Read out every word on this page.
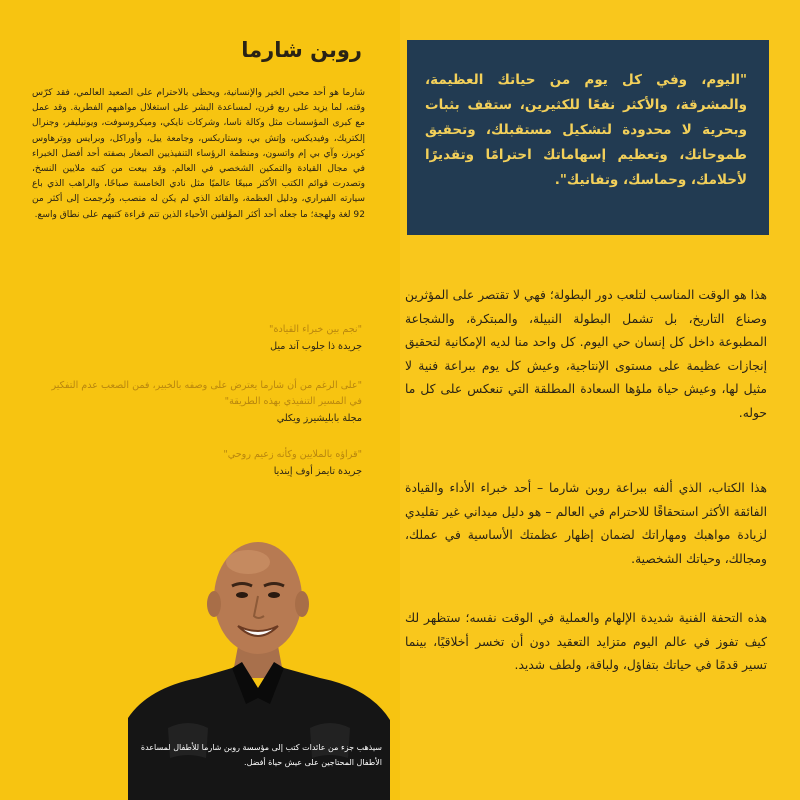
"اليوم، وفي كل يوم من حياتك العظيمة، والمشرقة، والأكثر نفعًا للكثيرين، ستقف بثبات وبحرية لا محدودة لتشكيل مستقبلك، وتحقيق طموحاتك، وتعظيم إسهاماتك احترامًا وتقديرًا لأحلامك، وحماسك، وتفانيك".

هذا هو الوقت المناسب لتلعب دور البطولة؛ فهي لا تقتصر على المؤثرين وصناع التاريخ، بل تشمل البطولة النبيلة، والمبتكرة، والشجاعة المطبوعة داخل كل إنسان حي اليوم. كل واحد منا لديه الإمكانية لتحقيق إنجازات عظيمة على مستوى الإنتاجية، وعيش كل يوم ببراعة فنية لا مثيل لها، وعيش حياة ملؤها السعادة المطلقة التي تنعكس على كل ما حوله.

هذا الكتاب، الذي ألفه ببراعة روبن شارما – أحد خبراء الأداء والقيادة الفائقة الأكثر استحقاقًا للاحترام في العالم – هو دليل ميداني غير تقليدي لزيادة مواهبك ومهاراتك لضمان إظهار عظمتك الأساسية في عملك، ومجالك، وحياتك الشخصية.

هذه التحفة الفنية شديدة الإلهام والعملية في الوقت نفسه؛ ستظهر لك كيف تفوز في عالم اليوم متزايد التعقيد دون أن تخسر أخلاقيًا، بينما تسير قدمًا في حياتك بتفاؤل، ولباقة، ولطف شديد.

روبن شارما

شارما هو أحد محبي الخير والإنسانية، ويحظى بالاحترام على الصعيد العالمي، فقد كرّس وقته، لما يزيد على ربع قرن، لمساعدة البشر على استغلال مواهبهم الفطرية. وقد عمل مع كبرى المؤسسات مثل وكالة ناسا، وشركات نايكي، وميكروسوفت، ويونيليفر، وجنرال إلكتريك، وفيديكس، وإتش بي، وستاربكس، وجامعة ييل، وأوراكل، وبرايس ووترهاوس كوبرز، وآي بي إم واتسون، ومنظمة الرؤساء التنفيذيين الصغار بصفته أحد أفضل الخبراء في مجال القيادة والتمكين الشخصي في العالم. وقد بيعت من كتبه ملايين النسخ، وتصدرت قوائم الكتب الأكثر مبيعًا عالميًا مثل نادي الخامسة صباحًا، والراهب الذي باع سيارته الفيراري، ودليل العظمة، والقائد الذي لم يكن له منصب، وتُرجمت إلى أكثر من 92 لغة ولهجة؛ ما جعله أحد أكثر المؤلفين الأحياء الذين تتم قراءة كتبهم على نطاق واسع.

"نجم بين خبراء القيادة"
جريدة ذا جلوب آند ميل
"على الرغم من أن شارما يعترض على وصفه بالخبير، فمن الصعب عدم التفكير في المسير التنفيذي بهذه الطريقة"
مجلة بابليشيرز ويكلي
"قراؤه بالملايين وكأنه زعيم روحي"
جريدة تايمز أوف إينديا
سيذهب جزء من عائدات كتب إلى مؤسسة روبن شارما للأطفال لمساعدة الأطفال المحتاجين على عيش حياة أفضل.
